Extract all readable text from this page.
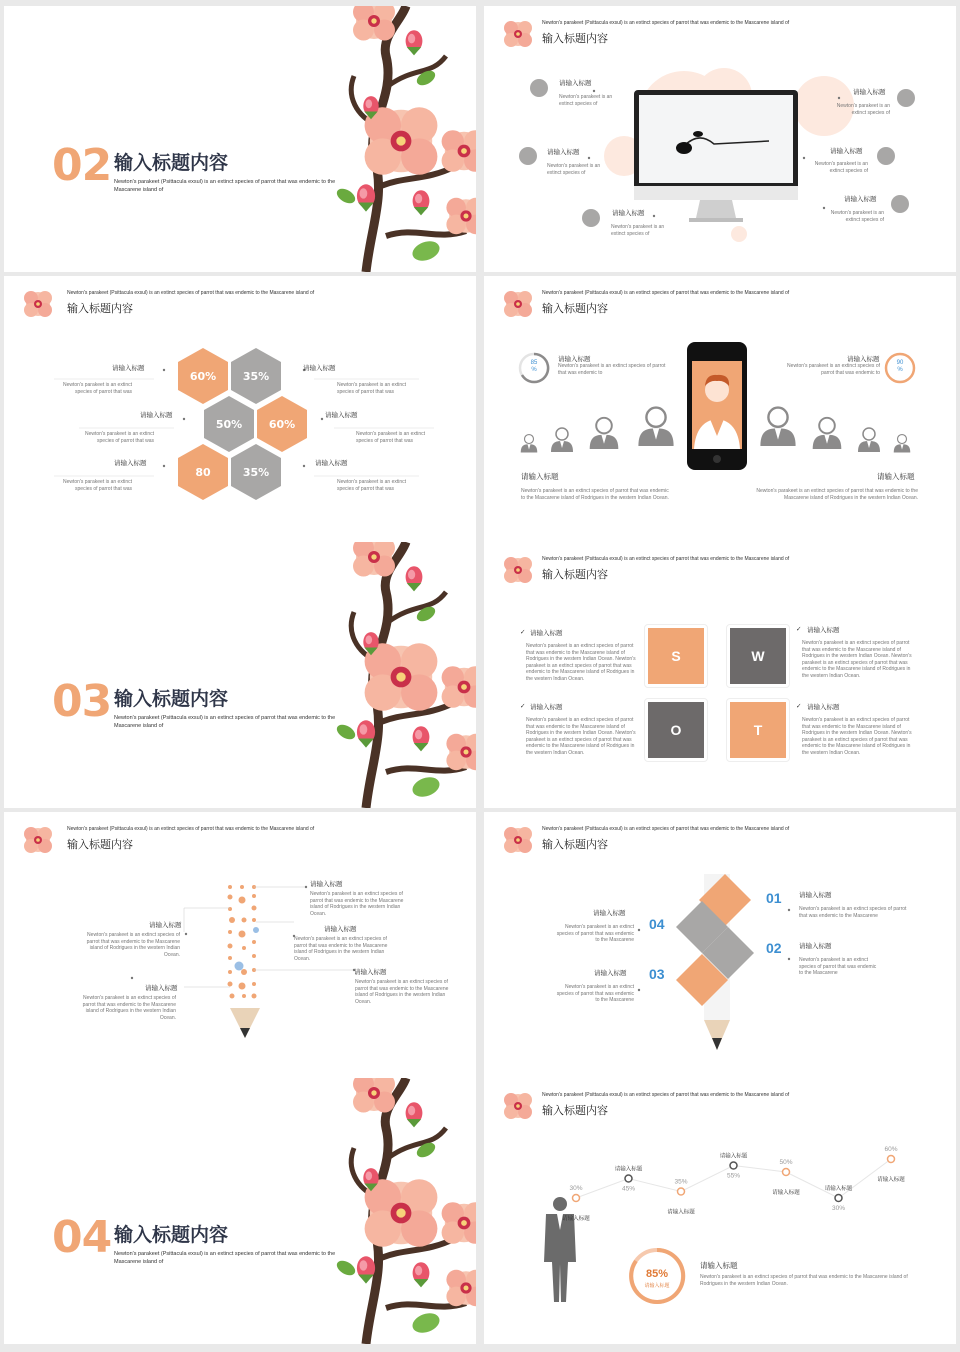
02 输入标题内容
Newton's parakeet (Psittacula exsul) is an extinct species of parrot that was endemic to the Mascarene island of
Newton's parakeet (Psittacula exsul) is an extinct species of parrot that was endemic to the Mascarene island of
输入标题内容
请输入标题
Newton's parakeet is an extinct species of
请输入标题
Newton's parakeet is an extinct species of
请输入标题
Newton's parakeet is an extinct species of
请输入标题
Newton's parakeet is an extinct species of
请输入标题
Newton's parakeet is an extinct species of
请输入标题
Newton's parakeet is an extinct species of
Newton's parakeet (Psittacula exsul) is an extinct species of parrot that was endemic to the Mascarene island of
输入标题内容
60%	35%
50%	60%
80	35%
请输入标题
Newton's parakeet is an extinct species of parrot that was
请输入标题
Newton's parakeet is an extinct species of parrot that was
请输入标题
Newton's parakeet is an extinct species of parrot that was
请输入标题
Newton's parakeet is an extinct species of parrot that was
请输入标题
Newton's parakeet is an extinct species of parrot that was
请输入标题
Newton's parakeet is an extinct species of parrot that was
Newton's parakeet (Psittacula exsul) is an extinct species of parrot that was endemic to the Mascarene island of
输入标题内容
85
%
90
%
请输入标题
Newton's parakeet is an extinct species of parrot that was endemic to
请输入标题
Newton's parakeet is an extinct species of parrot that was endemic to
请输入标题
Newton's parakeet is an extinct species of parrot that was endemic to the Mascarene island of Rodrigues in the western Indian Ocean.
请输入标题
Newton's parakeet is an extinct species of parrot that was endemic to the Mascarene island of Rodrigues in the western Indian Ocean.
03 输入标题内容
Newton's parakeet (Psittacula exsul) is an extinct species of parrot that was endemic to the Mascarene island of
Newton's parakeet (Psittacula exsul) is an extinct species of parrot that was endemic to the Mascarene island of
输入标题内容
S	W
O	T
✓ 请输入标题
Newton's parakeet is an extinct species of parrot that was endemic to the Mascarene island of Rodrigues in the western Indian Ocean. Newton's parakeet is an extinct species of parrot that was endemic to the Mascarene island of Rodrigues in the western Indian Ocean.
✓ 请输入标题
Newton's parakeet is an extinct species of parrot that was endemic to the Mascarene island of Rodrigues in the western Indian Ocean. Newton's parakeet is an extinct species of parrot that was endemic to the Mascarene island of Rodrigues in the western Indian Ocean.
✓ 请输入标题
Newton's parakeet is an extinct species of parrot that was endemic to the Mascarene island of Rodrigues in the western Indian Ocean. Newton's parakeet is an extinct species of parrot that was endemic to the Mascarene island of Rodrigues in the western Indian Ocean.
✓ 请输入标题
Newton's parakeet is an extinct species of parrot that was endemic to the Mascarene island of Rodrigues in the western Indian Ocean. Newton's parakeet is an extinct species of parrot that was endemic to the Mascarene island of Rodrigues in the western Indian Ocean.
Newton's parakeet (Psittacula exsul) is an extinct species of parrot that was endemic to the Mascarene island of
输入标题内容
请输入标题
Newton's parakeet is an extinct species of parrot that was endemic to the Mascarene island of Rodrigues in the western Indian Ocean.
请输入标题
Newton's parakeet is an extinct species of parrot that was endemic to the Mascarene island of Rodrigues in the western Indian Ocean.
请输入标题
Newton's parakeet is an extinct species of parrot that was endemic to the Mascarene island of Rodrigues in the western Indian Ocean.
请输入标题
Newton's parakeet is an extinct species of parrot that was endemic to the Mascarene island of Rodrigues in the western Indian Ocean.
请输入标题
Newton's parakeet is an extinct species of parrot that was endemic to the Mascarene island of Rodrigues in the western Indian Ocean.
Newton's parakeet (Psittacula exsul) is an extinct species of parrot that was endemic to the Mascarene island of
输入标题内容
01
02
03
04
请输入标题
Newton's parakeet is an extinct species of parrot that was endemic to the Mascarene
请输入标题
Newton's parakeet is an extinct species of parrot that was endemic to the Mascarene
请输入标题
Newton's parakeet is an extinct species of parrot that was endemic to the Mascarene
请输入标题
Newton's parakeet is an extinct species of parrot that was endemic to the Mascarene
04 输入标题内容
Newton's parakeet (Psittacula exsul) is an extinct species of parrot that was endemic to the Mascarene island of
Newton's parakeet (Psittacula exsul) is an extinct species of parrot that was endemic to the Mascarene island of
输入标题内容
30%
请输入标题
45%
请输入标题
35%
请输入标题
55%
请输入标题
50%
请输入标题
30%
请输入标题
60%
请输入标题
85%
请输入标题
请输入标题
Newton's parakeet is an extinct species of parrot that was endemic to the Mascarene island of Rodrigues in the western Indian Ocean.
